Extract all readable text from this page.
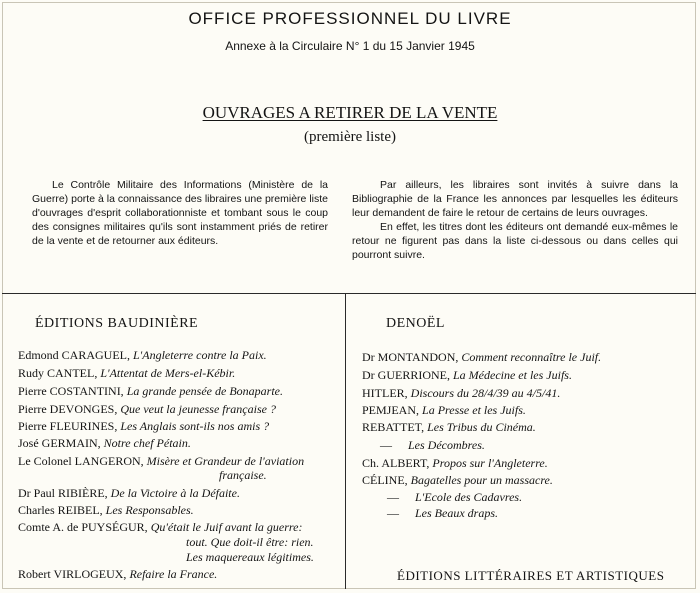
OFFICE PROFESSIONNEL DU LIVRE
Annexe à la Circulaire N° 1 du 15 Janvier 1945
OUVRAGES A RETIRER DE LA VENTE
(première liste)
Le Contrôle Militaire des Informations (Ministère de la Guerre) porte à la connaissance des libraires une première liste d'ouvrages d'esprit collaborationniste et tombant sous le coup des consignes militaires qu'ils sont instamment priés de retirer de la vente et de retourner aux éditeurs.

Par ailleurs, les libraires sont invités à suivre dans la Bibliographie de la France les annonces par lesquelles les éditeurs leur demandent de faire le retour de certains de leurs ouvrages.

En effet, les titres dont les éditeurs ont demandé eux-mêmes le retour ne figurent pas dans la liste ci-dessous ou dans celles qui pourront suivre.

ÉDITIONS BAUDINIÈRE
Edmond CARAGUEL, L'Angleterre contre la Paix.
Rudy CANTEL, L'Attentat de Mers-el-Kébir.
Pierre COSTANTINI, La grande pensée de Bonaparte.
Pierre DEVONGES, Que veut la jeunesse française ?
Pierre FLEURINES, Les Anglais sont-ils nos amis ?
José GERMAIN, Notre chef Pétain.
Le Colonel LANGERON, Misère et Grandeur de l'aviation
française.
Dr Paul RIBIÈRE, De la Victoire à la Défaite.
Charles REIBEL, Les Responsables.
Comte A. de PUYSÉGUR, Qu'était le Juif avant la guerre:
tout. Que doit-il être: rien.
Les maquereaux légitimes.
Robert VIRLOGEUX, Refaire la France.
DENOËL
Dr MONTANDON, Comment reconnaître le Juif.
Dr GUERRIONE, La Médecine et les Juifs.
HITLER, Discours du 28/4/39 au 4/5/41.
PEMJEAN, La Presse et les Juifs.
REBATTET, Les Tribus du Cinéma.
— Les Décombres.
Ch. ALBERT, Propos sur l'Angleterre.
CÉLINE, Bagatelles pour un massacre.
— L'Ecole des Cadavres.
— Les Beaux draps.
ÉDITIONS LITTÉRAIRES ET ARTISTIQUES
